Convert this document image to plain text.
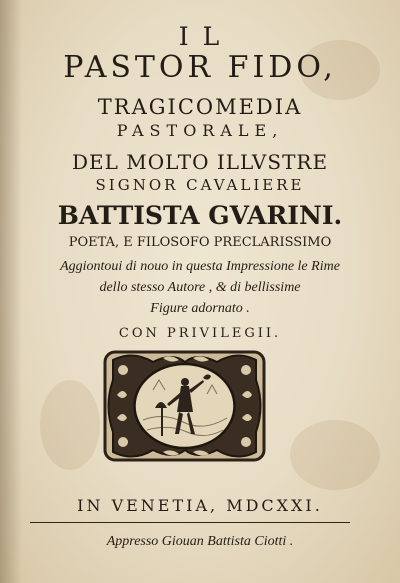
IL
PASTOR FIDO,
TRAGICOMEDIA
PASTORALE,
DEL MOLTO ILLVSTRE
SIGNOR CAVALIERE
BATTISTA GVARINI.
POETA, E FILOSOFO PRECLARISSIMO
Aggiontoui di nouo in questa Impressione le Rime
dello stesso Autore , & di bellissime
Figure adornato .
CON PRIVILEGII.
IN VENETIA, MDCXXI.
Appresso Giouan Battista Ciotti .
